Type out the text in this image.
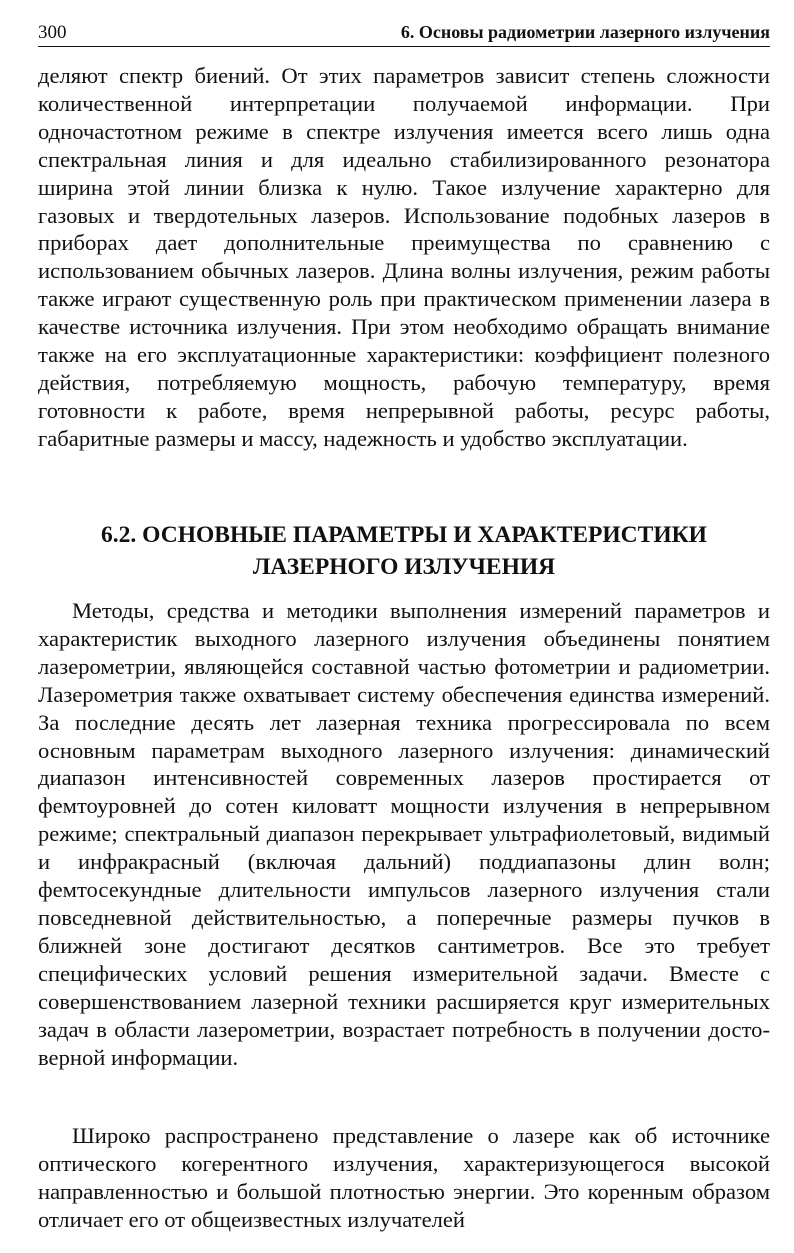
300	6. Основы радиометрии лазерного излучения

деляют спектр биений. От этих параметров зависит степень сложности количественной интерпретации получаемой информации. При одночастотном режиме в спектре излучения имеется всего лишь одна спектральная линия и для идеально стабилизированного резонатора ширина этой линии близка к нулю. Такое излучение характерно для газовых и твердотельных лазеров. Использование подобных лазеров в приборах дает дополнительные преимущества по сравнению с использованием обычных лазеров. Длина волны излучения, режим работы также играют существенную роль при практическом применении лазера в качестве источника излучения. При этом необходимо обращать внимание также на его эксплуатационные характеристики: коэффициент полезного действия, потребляемую мощность, рабочую температуру, время готовности к работе, время непрерывной работы, ресурс работы, габаритные размеры и массу, надежность и удобство эксплуатации.

6.2. ОСНОВНЫЕ ПАРАМЕТРЫ И ХАРАКТЕРИСТИКИ ЛАЗЕРНОГО ИЗЛУЧЕНИЯ

Методы, средства и методики выполнения измерений параметров и характеристик выходного лазерного излучения объединены понятием лазерометрии, являющейся составной частью фотометрии и радиометрии. Лазерометрия также охватывает систему обеспечения единства измерений. За последние десять лет лазерная техника прогрессировала по всем основным параметрам выходного лазерного излучения: динамический диапазон интенсивностей современных лазеров простирается от фемтоуровней до сотен киловатт мощности излучения в непрерывном режиме; спектральный диапазон перекрывает ультрафиолетовый, видимый и инфракрасный (включая дальний) поддиапазоны длин волн; фемтосекундные длительности импульсов лазерного излучения стали повседневной действительностью, а поперечные размеры пучков в ближней зоне достигают десятков сантиметров. Все это требует специфических условий решения измерительной задачи. Вместе с совершенствованием лазерной техники расширяется круг измерительных задач в области лазерометрии, возрастает потребность в получении достоверной информации.

Широко распространено представление о лазере как об источнике оптического когерентного излучения, характеризующегося высокой направленностью и большой плотностью энергии. Это коренным образом отличает его от общеизвестных излучателей
